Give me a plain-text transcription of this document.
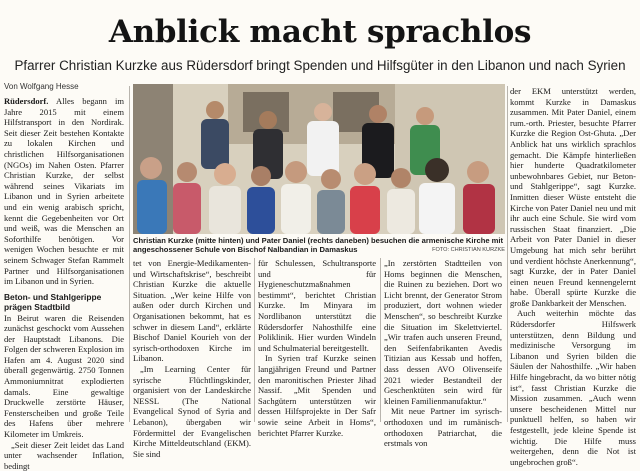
Anblick macht sprachlos
Pfarrer Christian Kurzke aus Rüdersdorf bringt Spenden und Hilfsgüter in den Libanon und nach Syrien
Von Wolfgang Hesse

Rüdersdorf. Alles begann im Jahre 2015 mit einem Hilfstransport in den Nordirak. Seit dieser Zeit bestehen Kontakte zu lokalen Kirchen und christlichen Hilfsorganisationen (NGOs) im Nahen Osten. Pfarrer Christian Kurzke, der selbst während seines Vikariats im Libanon und in Syrien arbeitete und ein wenig arabisch spricht, kennt die Gegebenheiten vor Ort und weiß, was die Menschen an Soforthilfe benötigen. Vor wenigen Wochen besuchte er mit seinem Schwager Stefan Rammelt Partner und Hilfsorganisationen im Libanon und in Syrien.

Beton- und Stahlgerippe prägen Stadtbild

In Beirut waren die Reisenden zunächst geschockt vom Aussehen der Hauptstadt Libanons. Die Folgen der schweren Explosion im Hafen am 4. August 2020 sind überall gegenwärtig. 2750 Tonnen Ammoniumnitrat explodierten damals. Eine gewaltige Druckwelle zerstörte Häuser, Fensterscheiben und große Teile des Hafens über mehrere Kilometer im Umkreis.

„Seit dieser Zeit leidet das Land unter wachsender Inflation, bedingt

Christian Kurzke (mitte hinten) und Pater Daniel (rechts daneben) besuchen die armenische Kirche mit angeschossener Schule von Bischof Nalbandian in Damaskus	FOTO: CHRISTIAN KURZKE

tet von Energie-Medikamenten- und Wirtschaftskrise“, beschreibt Christian Kurzke die aktuelle Situation. „Wer keine Hilfe von außen oder durch Kirchen und Organisationen bekommt, hat es schwer in diesem Land“, erklärte Bischof Daniel Kourieh von der syrisch-orthodoxen Kirche im Libanon.

„Im Learning Center für syrische Flüchtlingskinder, organisiert von der Landeskirche NESSL (The National Evangelical Synod of Syria and Lebanon), übergaben wir Fördermittel der Evangelischen Kirche Mitteldeutschland (EKM). Sie sind

für Schulessen, Schultransporte und für Hygieneschutzmaßnahmen bestimmt“, berichtet Christian Kurzke. Im Minyara im Nordlibanon unterstützt die Rüdersdorfer Nahosthilfe eine Poliklinik. Hier wurden Windeln und Schulmaterial bereitgestellt.

In Syrien traf Kurzke seinen langjährigen Freund und Partner den maronitischen Priester Jihad Nassif. „Mit Spenden und Sachgütern unterstützen wir dessen Hilfsprojekte in Der Safr sowie seine Arbeit in Homs“, berichtet Pfarrer Kurzke.

„In zerstörten Stadtteilen von Homs beginnen die Menschen, die Ruinen zu beziehen. Dort wo Licht brennt, der Generator Strom produziert, dort wohnen wieder Menschen“, so beschreibt Kurzke die Situation im Skelettviertel. „Wir trafen auch unseren Freund, den Seifenfabrikanten Avedis Titizian aus Kessab und hoffen, dass dessen AVO Olivenseife 2021 wieder Bestandteil der Geschenktüten sein wird für kleinen Familienmanufaktur.“

Mit neue Partner im syrisch-orthodoxen und im rumänisch-orthodoxen Patriarchat, die erstmals von

der EKM unterstützt werden, kommt Kurzke in Damaskus zusammen. Mit Pater Daniel, einem rum.-orth. Priester, besuchte Pfarrer Kurzke die Region Ost-Ghuta. „Der Anblick hat uns wirklich sprachlos gemacht. Die Kämpfe hinterließen hier hunderte Quadratkilometer unbewohnbares Gebiet, nur Beton- und Stahlgerippe“, sagt Kurzke. Inmitten dieser Wüste entsteht die Kirche von Pater Daniel neu und mit ihr auch eine Schule. Sie wird vom russischen Staat finanziert. „Die Arbeit von Pater Daniel in dieser Umgebung hat mich sehr berührt und verdient höchste Anerkennung“, sagt Kurzke, der in Pater Daniel einen neuen Freund kennengelernt habe. Überall spürte Kurzke die große Dankbarkeit der Menschen.

Auch weiterhin möchte das Rüdersdorfer Hilfswerk unterstützen, denn Bildung und medizinische Versorgung im Libanon und Syrien bilden die Säulen der Nahosthilfe. „Wir haben Hilfe hingebracht, da wo bitter nötig ist“, fasst Christian Kurzke die Mission zusammen. „Auch wenn unsere bescheidenen Mittel nur punktuell helfen, so haben wir festgestellt, jede kleine Spende ist wichtig. Die Hilfe muss weitergehen, denn die Not ist ungebrochen groß“.
